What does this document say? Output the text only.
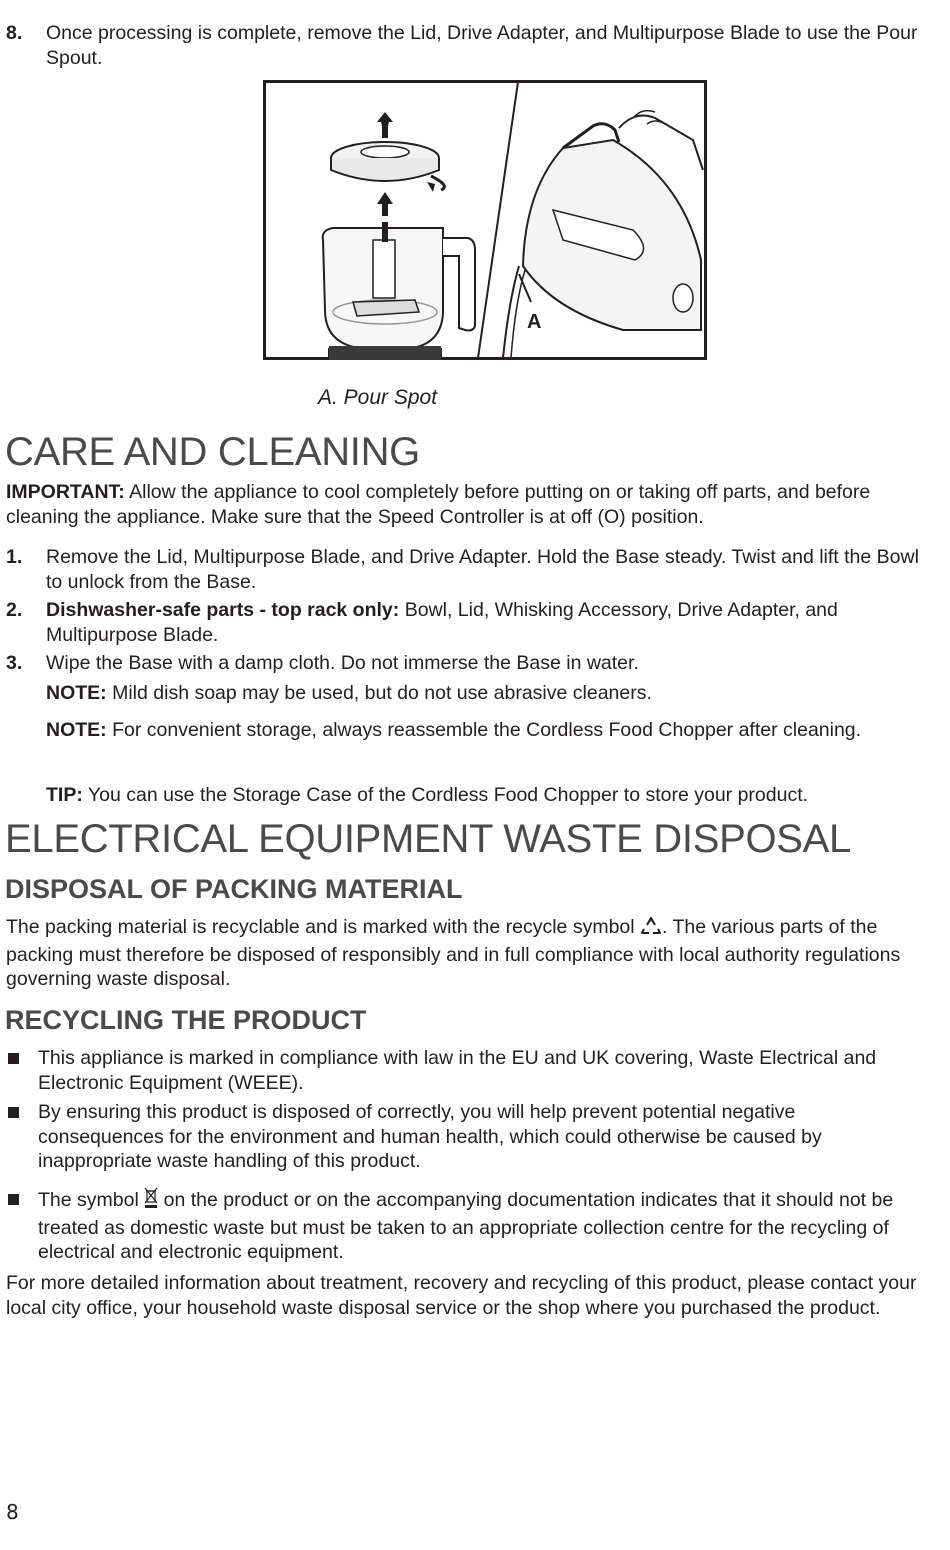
8. Once processing is complete, remove the Lid, Drive Adapter, and Multipurpose Blade to use the Pour Spout.
A
A. Pour Spot
CARE AND CLEANING
IMPORTANT: Allow the appliance to cool completely before putting on or taking off parts, and before cleaning the appliance. Make sure that the Speed Controller is at off (O) position.
1. Remove the Lid, Multipurpose Blade, and Drive Adapter. Hold the Base steady. Twist and lift the Bowl to unlock from the Base.
2. Dishwasher-safe parts - top rack only: Bowl, Lid, Whisking Accessory, Drive Adapter, and Multipurpose Blade.
3. Wipe the Base with a damp cloth. Do not immerse the Base in water.
NOTE: Mild dish soap may be used, but do not use abrasive cleaners.
NOTE: For convenient storage, always reassemble the Cordless Food Chopper after cleaning.
TIP: You can use the Storage Case of the Cordless Food Chopper to store your product.
ELECTRICAL EQUIPMENT WASTE DISPOSAL
DISPOSAL OF PACKING MATERIAL
The packing material is recyclable and is marked with the recycle symbol . The various parts of the packing must therefore be disposed of responsibly and in full compliance with local authority regulations governing waste disposal.
RECYCLING THE PRODUCT
This appliance is marked in compliance with law in the EU and UK covering, Waste Electrical and Electronic Equipment (WEEE).
By ensuring this product is disposed of correctly, you will help prevent potential negative consequences for the environment and human health, which could otherwise be caused by inappropriate waste handling of this product.
The symbol  on the product or on the accompanying documentation indicates that it should not be treated as domestic waste but must be taken to an appropriate collection centre for the recycling of electrical and electronic equipment.
For more detailed information about treatment, recovery and recycling of this product, please contact your local city office, your household waste disposal service or the shop where you purchased the product.
8
